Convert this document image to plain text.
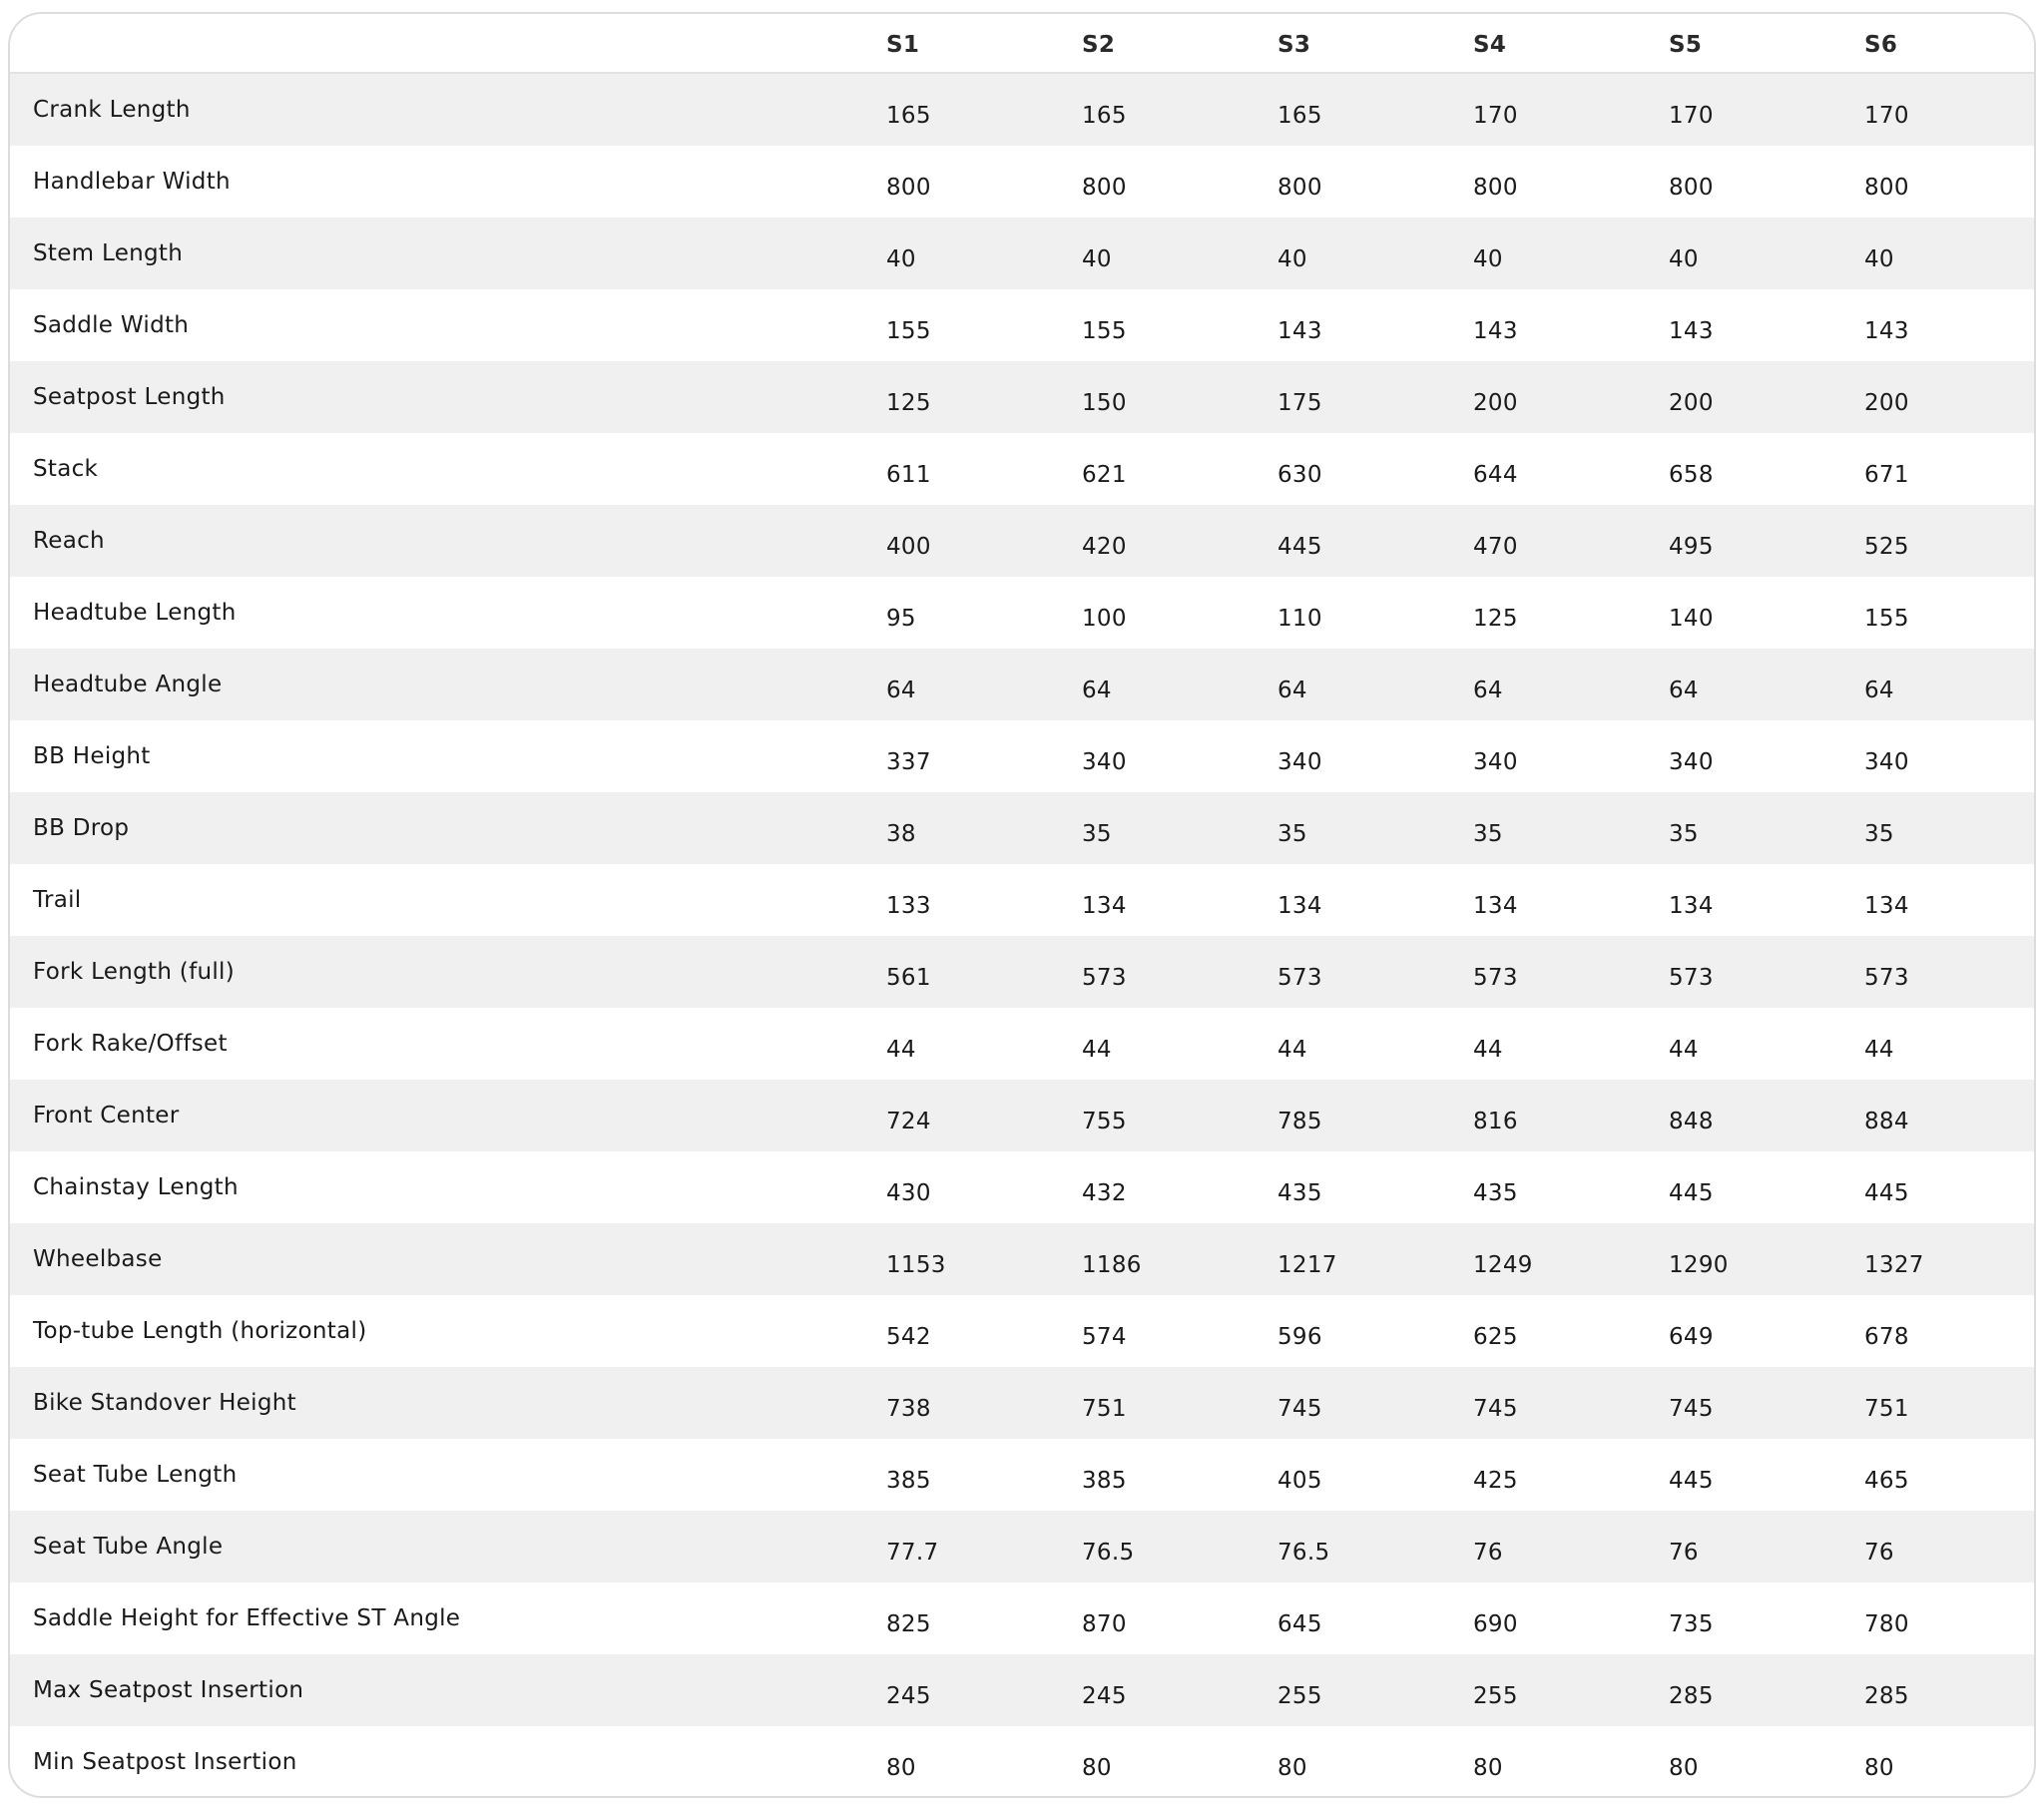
S1	S2	S3	S4	S5	S6
Crank Length	165	165	165	170	170	170
Handlebar Width	800	800	800	800	800	800
Stem Length	40	40	40	40	40	40
Saddle Width	155	155	143	143	143	143
Seatpost Length	125	150	175	200	200	200
Stack	611	621	630	644	658	671
Reach	400	420	445	470	495	525
Headtube Length	95	100	110	125	140	155
Headtube Angle	64	64	64	64	64	64
BB Height	337	340	340	340	340	340
BB Drop	38	35	35	35	35	35
Trail	133	134	134	134	134	134
Fork Length (full)	561	573	573	573	573	573
Fork Rake/Offset	44	44	44	44	44	44
Front Center	724	755	785	816	848	884
Chainstay Length	430	432	435	435	445	445
Wheelbase	1153	1186	1217	1249	1290	1327
Top-tube Length (horizontal)	542	574	596	625	649	678
Bike Standover Height	738	751	745	745	745	751
Seat Tube Length	385	385	405	425	445	465
Seat Tube Angle	77.7	76.5	76.5	76	76	76
Saddle Height for Effective ST Angle	825	870	645	690	735	780
Max Seatpost Insertion	245	245	255	255	285	285
Min Seatpost Insertion	80	80	80	80	80	80
